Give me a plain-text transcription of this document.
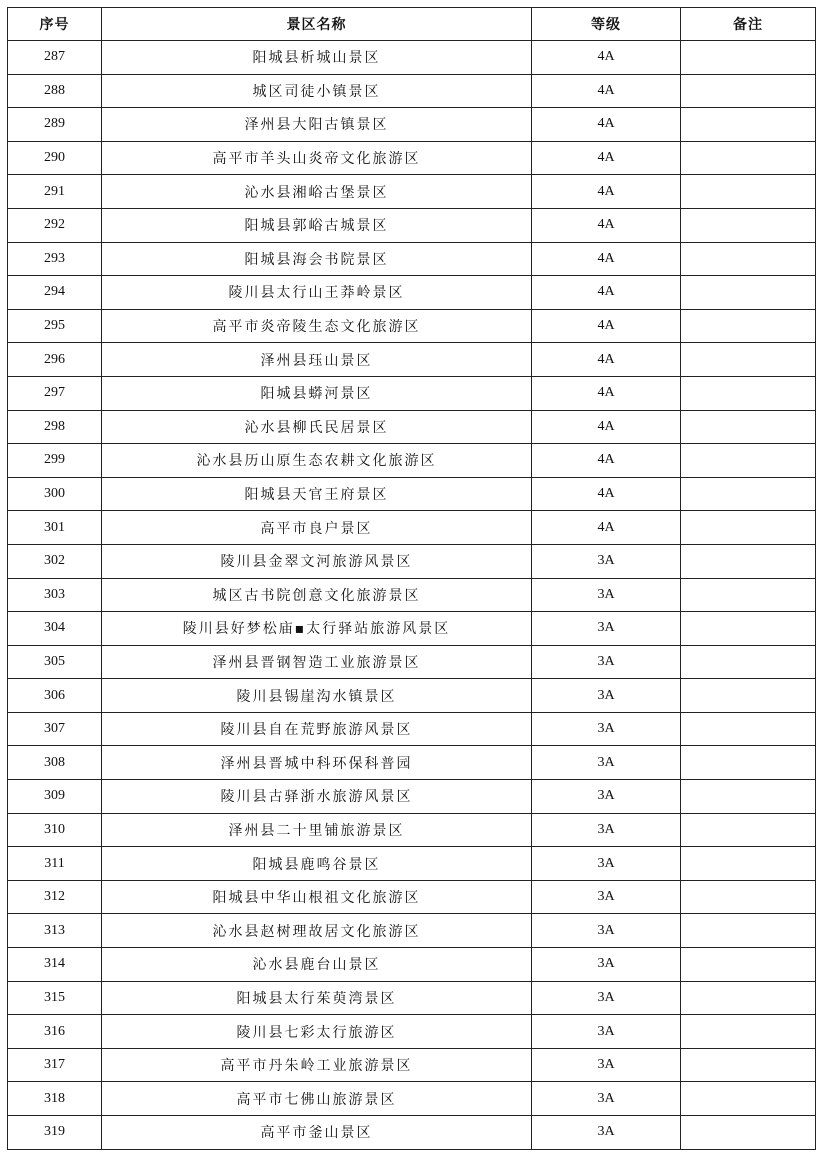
序号	景区名称	等级	备注
287	阳城县析城山景区	4A	
288	城区司徒小镇景区	4A	
289	泽州县大阳古镇景区	4A	
290	高平市羊头山炎帝文化旅游区	4A	
291	沁水县湘峪古堡景区	4A	
292	阳城县郭峪古城景区	4A	
293	阳城县海会书院景区	4A	
294	陵川县太行山王莽岭景区	4A	
295	高平市炎帝陵生态文化旅游区	4A	
296	泽州县珏山景区	4A	
297	阳城县蟒河景区	4A	
298	沁水县柳氏民居景区	4A	
299	沁水县历山原生态农耕文化旅游区	4A	
300	阳城县天官王府景区	4A	
301	高平市良户景区	4A	
302	陵川县金翠文河旅游风景区	3A	
303	城区古书院创意文化旅游景区	3A	
304	陵川县好梦松庙▪太行驿站旅游风景区	3A	
305	泽州县晋钢智造工业旅游景区	3A	
306	陵川县锡崖沟水镇景区	3A	
307	陵川县自在荒野旅游风景区	3A	
308	泽州县晋城中科环保科普园	3A	
309	陵川县古驿浙水旅游风景区	3A	
310	泽州县二十里铺旅游景区	3A	
311	阳城县鹿鸣谷景区	3A	
312	阳城县中华山根祖文化旅游区	3A	
313	沁水县赵树理故居文化旅游区	3A	
314	沁水县鹿台山景区	3A	
315	阳城县太行茱萸湾景区	3A	
316	陵川县七彩太行旅游区	3A	
317	高平市丹朱岭工业旅游景区	3A	
318	高平市七佛山旅游景区	3A	
319	高平市釜山景区	3A	
